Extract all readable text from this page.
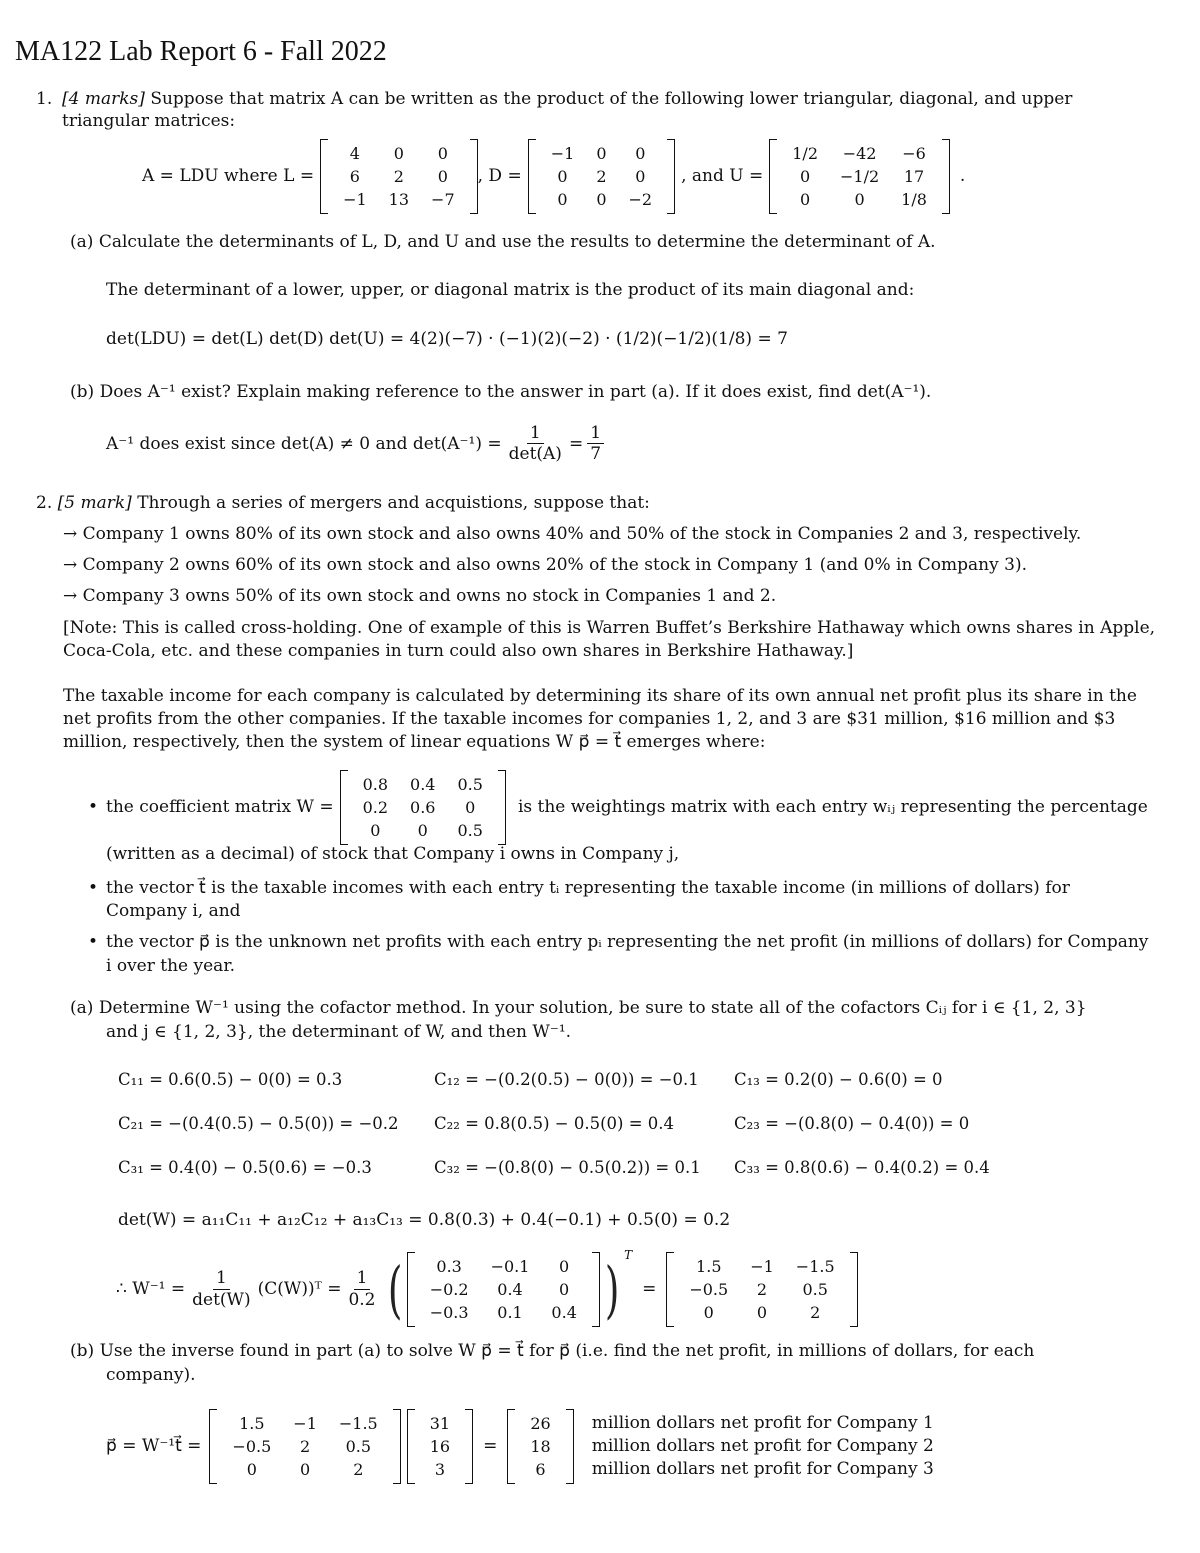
MA122 Lab Report 6 - Fall 2022
1. [4 marks] Suppose that matrix A can be written as the product of the following lower triangular, diagonal, and upper
triangular matrices:
A = LDU where L =
4	0	0
6	2	0
−1	13	−7
, D =
−1	0	0
0	2	0
0	0	−2
, and U =
1/2	−42	−6
0	−1/2	17
0	0	1/8
.
(a) Calculate the determinants of L, D, and U and use the results to determine the determinant of A.
The determinant of a lower, upper, or diagonal matrix is the product of its main diagonal and:
det(LDU) = det(L) det(D) det(U) = 4(2)(−7) · (−1)(2)(−2) · (1/2)(−1/2)(1/8) = 7
(b) Does A⁻¹ exist? Explain making reference to the answer in part (a). If it does exist, find det(A⁻¹).
A⁻¹ does exist since det(A) ≠ 0 and $\det(A^{-1}) = \frac{1}{\det(A)} = \frac{1}{7}$
2. [5 mark] Through a series of mergers and acquistions, suppose that:
→ Company 1 owns 80% of its own stock and also owns 40% and 50% of the stock in Companies 2 and 3, respectively.
→ Company 2 owns 60% of its own stock and also owns 20% of the stock in Company 1 (and 0% in Company 3).
→ Company 3 owns 50% of its own stock and owns no stock in Companies 1 and 2.
[Note: This is called cross-holding. One of example of this is Warren Buffet’s Berkshire Hathaway which owns shares in Apple,
Coca-Cola, etc. and these companies in turn could also own shares in Berkshire Hathaway.]
The taxable income for each company is calculated by determining its share of its own annual net profit plus its share in the
net profits from the other companies. If the taxable incomes for companies 1, 2, and 3 are $31 million, $16 million and $3
million, respectively, then the system of linear equations W p⃗ = t⃗ emerges where:
• the coefficient matrix W =
0.8	0.4	0.5
0.2	0.6	0
0	0	0.5
is the weightings matrix with each entry wᵢⱼ representing the percentage
(written as a decimal) of stock that Company i owns in Company j,
• the vector t⃗ is the taxable incomes with each entry tᵢ representing the taxable income (in millions of dollars) for
Company i, and
• the vector p⃗ is the unknown net profits with each entry pᵢ representing the net profit (in millions of dollars) for Company
i over the year.
(a) Determine W⁻¹ using the cofactor method. In your solution, be sure to state all of the cofactors Cᵢⱼ for i ∈ {1, 2, 3}
and j ∈ {1, 2, 3}, the determinant of W, and then W⁻¹.
C₁₁ = 0.6(0.5) − 0(0) = 0.3	C₁₂ = −(0.2(0.5) − 0(0)) = −0.1 C₁₃ = 0.2(0) − 0.6(0) = 0
C₂₁ = −(0.4(0.5) − 0.5(0)) = −0.2 C₂₂ = 0.8(0.5) − 0.5(0) = 0.4	C₂₃ = −(0.8(0) − 0.4(0)) = 0
C₃₁ = 0.4(0) − 0.5(0.6) = −0.3	C₃₂ = −(0.8(0) − 0.5(0.2)) = 0.1 C₃₃ = 0.8(0.6) − 0.4(0.2) = 0.4
det(W) = a₁₁C₁₁ + a₁₂C₁₂ + a₁₃C₁₃ = 0.8(0.3) + 0.4(−0.1) + 0.5(0) = 0.2
∴ $W^{-1} = \frac{1}{\det(W)}$ (C(W))ᵀ = $\frac{1}{0.2}$ ( 0.3	−0.1	0
−0.2	0.4	0
−0.3	0.1	0.4 ) T
=
1.5	−1	−1.5
−0.5	2	0.5
0	0	2
(b) Use the inverse found in part (a) to solve W p⃗ = t⃗ for p⃗ (i.e. find the net profit, in millions of dollars, for each
company).
p⃗ = W⁻¹t⃗ =
1.5	−1	−1.5
−0.5	2	0.5
0	0	2
31
16
3
=
26
18
6
million dollars net profit for Company 1
million dollars net profit for Company 2
million dollars net profit for Company 3
